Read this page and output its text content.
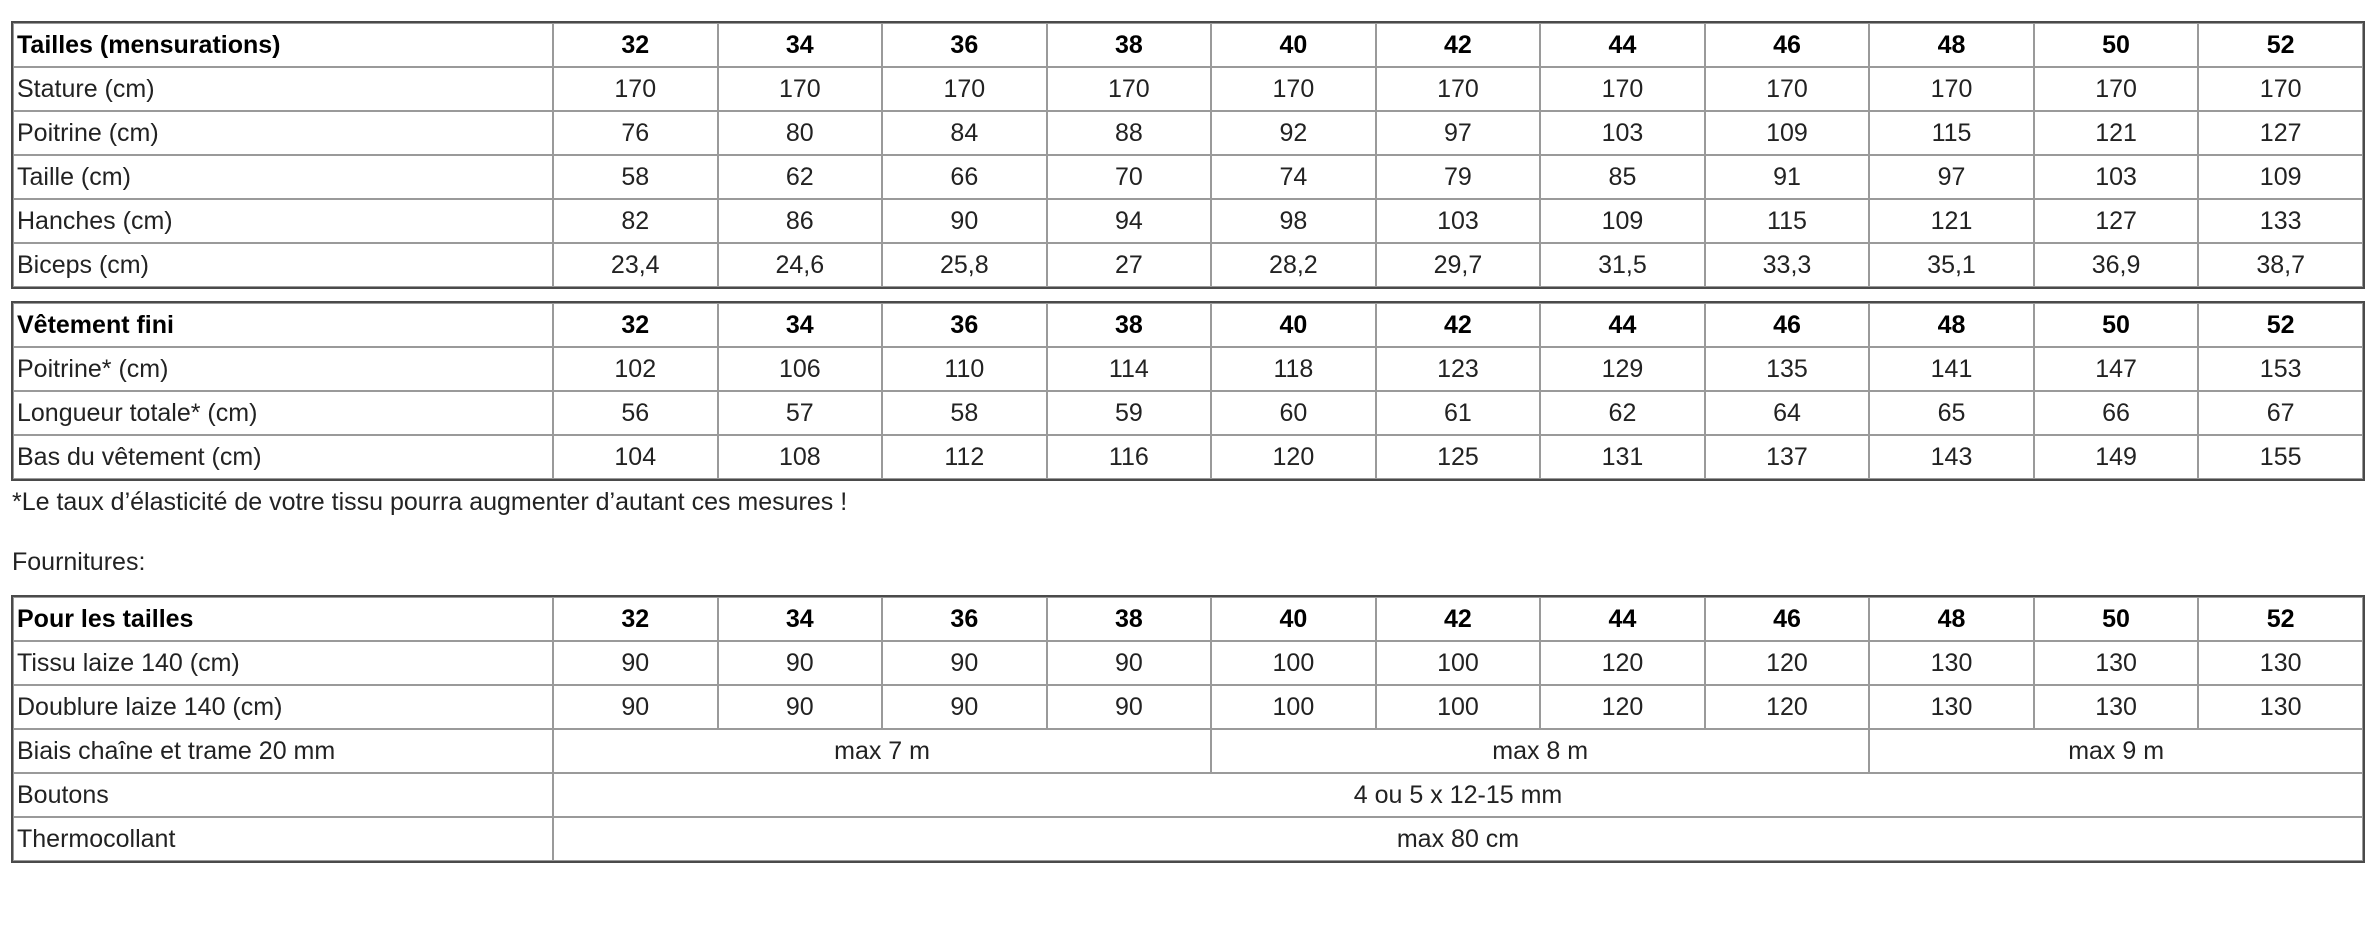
Tailles (mensurations)	32	34	36	38	40	42	44	46	48	50	52
Stature (cm)	170	170	170	170	170	170	170	170	170	170	170
Poitrine (cm)	76	80	84	88	92	97	103	109	115	121	127
Taille (cm)	58	62	66	70	74	79	85	91	97	103	109
Hanches (cm)	82	86	90	94	98	103	109	115	121	127	133
Biceps (cm)	23,4	24,6	25,8	27	28,2	29,7	31,5	33,3	35,1	36,9	38,7
Vêtement fini	32	34	36	38	40	42	44	46	48	50	52
Poitrine* (cm)	102	106	110	114	118	123	129	135	141	147	153
Longueur totale* (cm)	56	57	58	59	60	61	62	64	65	66	67
Bas du vêtement (cm)	104	108	112	116	120	125	131	137	143	149	155
*Le taux d’élasticité de votre tissu pourra augmenter d’autant ces mesures !
Fournitures:
Pour les tailles	32	34	36	38	40	42	44	46	48	50	52
Tissu laize 140 (cm)	90	90	90	90	100	100	120	120	130	130	130
Doublure laize 140 (cm)	90	90	90	90	100	100	120	120	130	130	130
Biais chaîne et trame 20 mm	max 7 m				max 8 m				max 9 m		
Boutons	4 ou 5 x 12-15 mm										
Thermocollant	max 80 cm										
